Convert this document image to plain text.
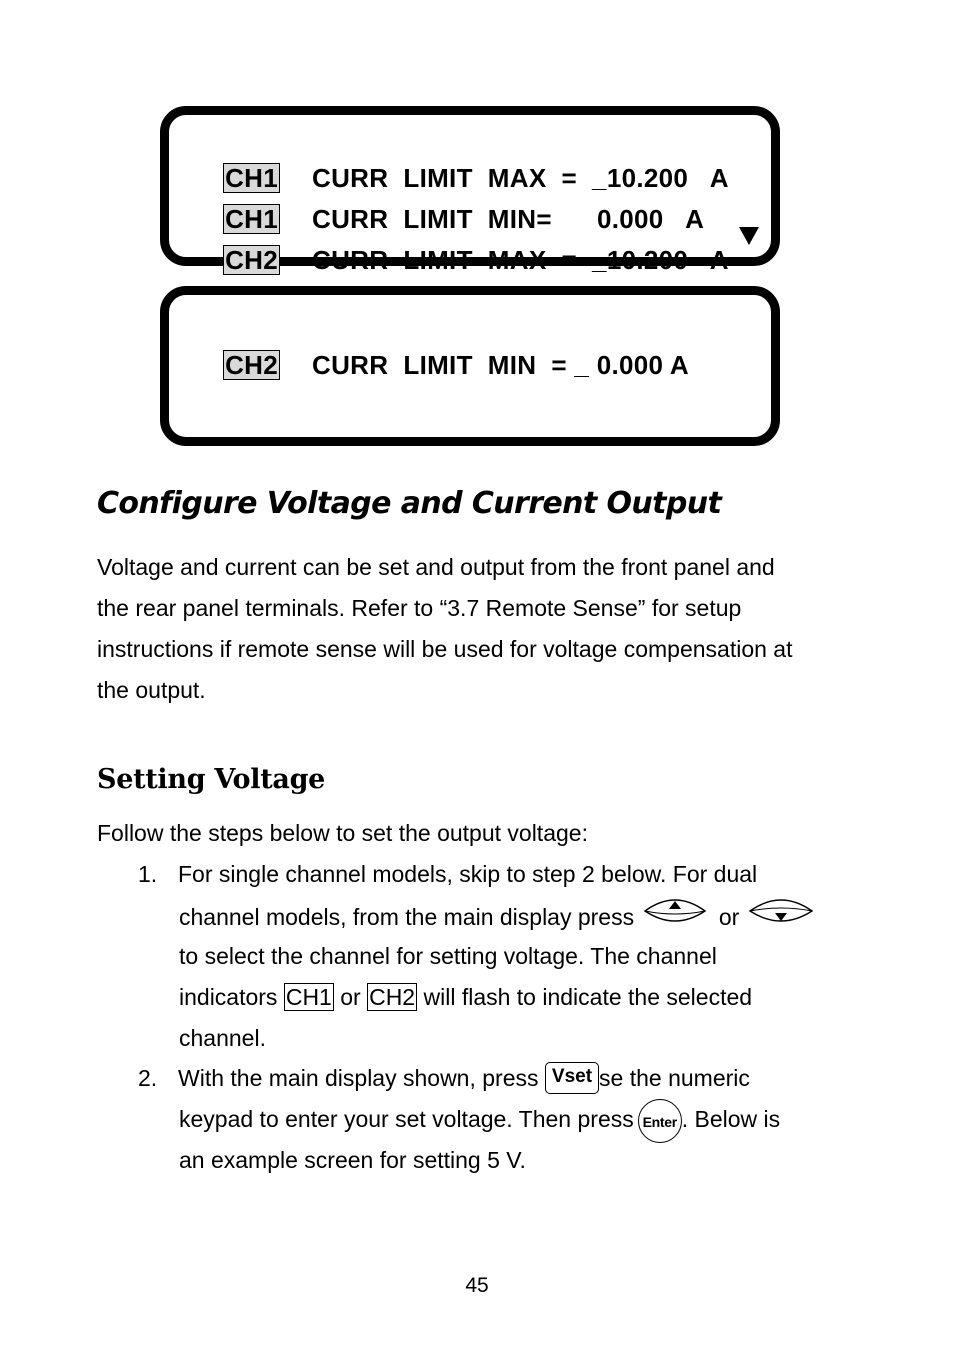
CH1 CURR  LIMIT  MAX  =  _10.200   A

CH1 CURR  LIMIT  MIN=      0.000   A

CH2 CURR  LIMIT  MAX  =  _10.200   A

CH2 CURR  LIMIT  MIN  = _ 0.000 A

Configure Voltage and Current Output
Voltage and current can be set and output from the front panel and
the rear panel terminals. Refer to “3.7 Remote Sense” for setup
instructions if remote sense will be used for voltage compensation at
the output.
Setting Voltage
Follow the steps below to set the output voltage:
1. For single channel models, skip to step 2 below. For dual
channel models, from the main display press	or
to select the channel for setting voltage. The channel
indicators CH1 or CH2 will flash to indicate the selected
channel.
2. With the main display shown, press Vset se the numeric
keypad to enter your set voltage. Then press Enter . Below is
an example screen for setting 5 V.
45
